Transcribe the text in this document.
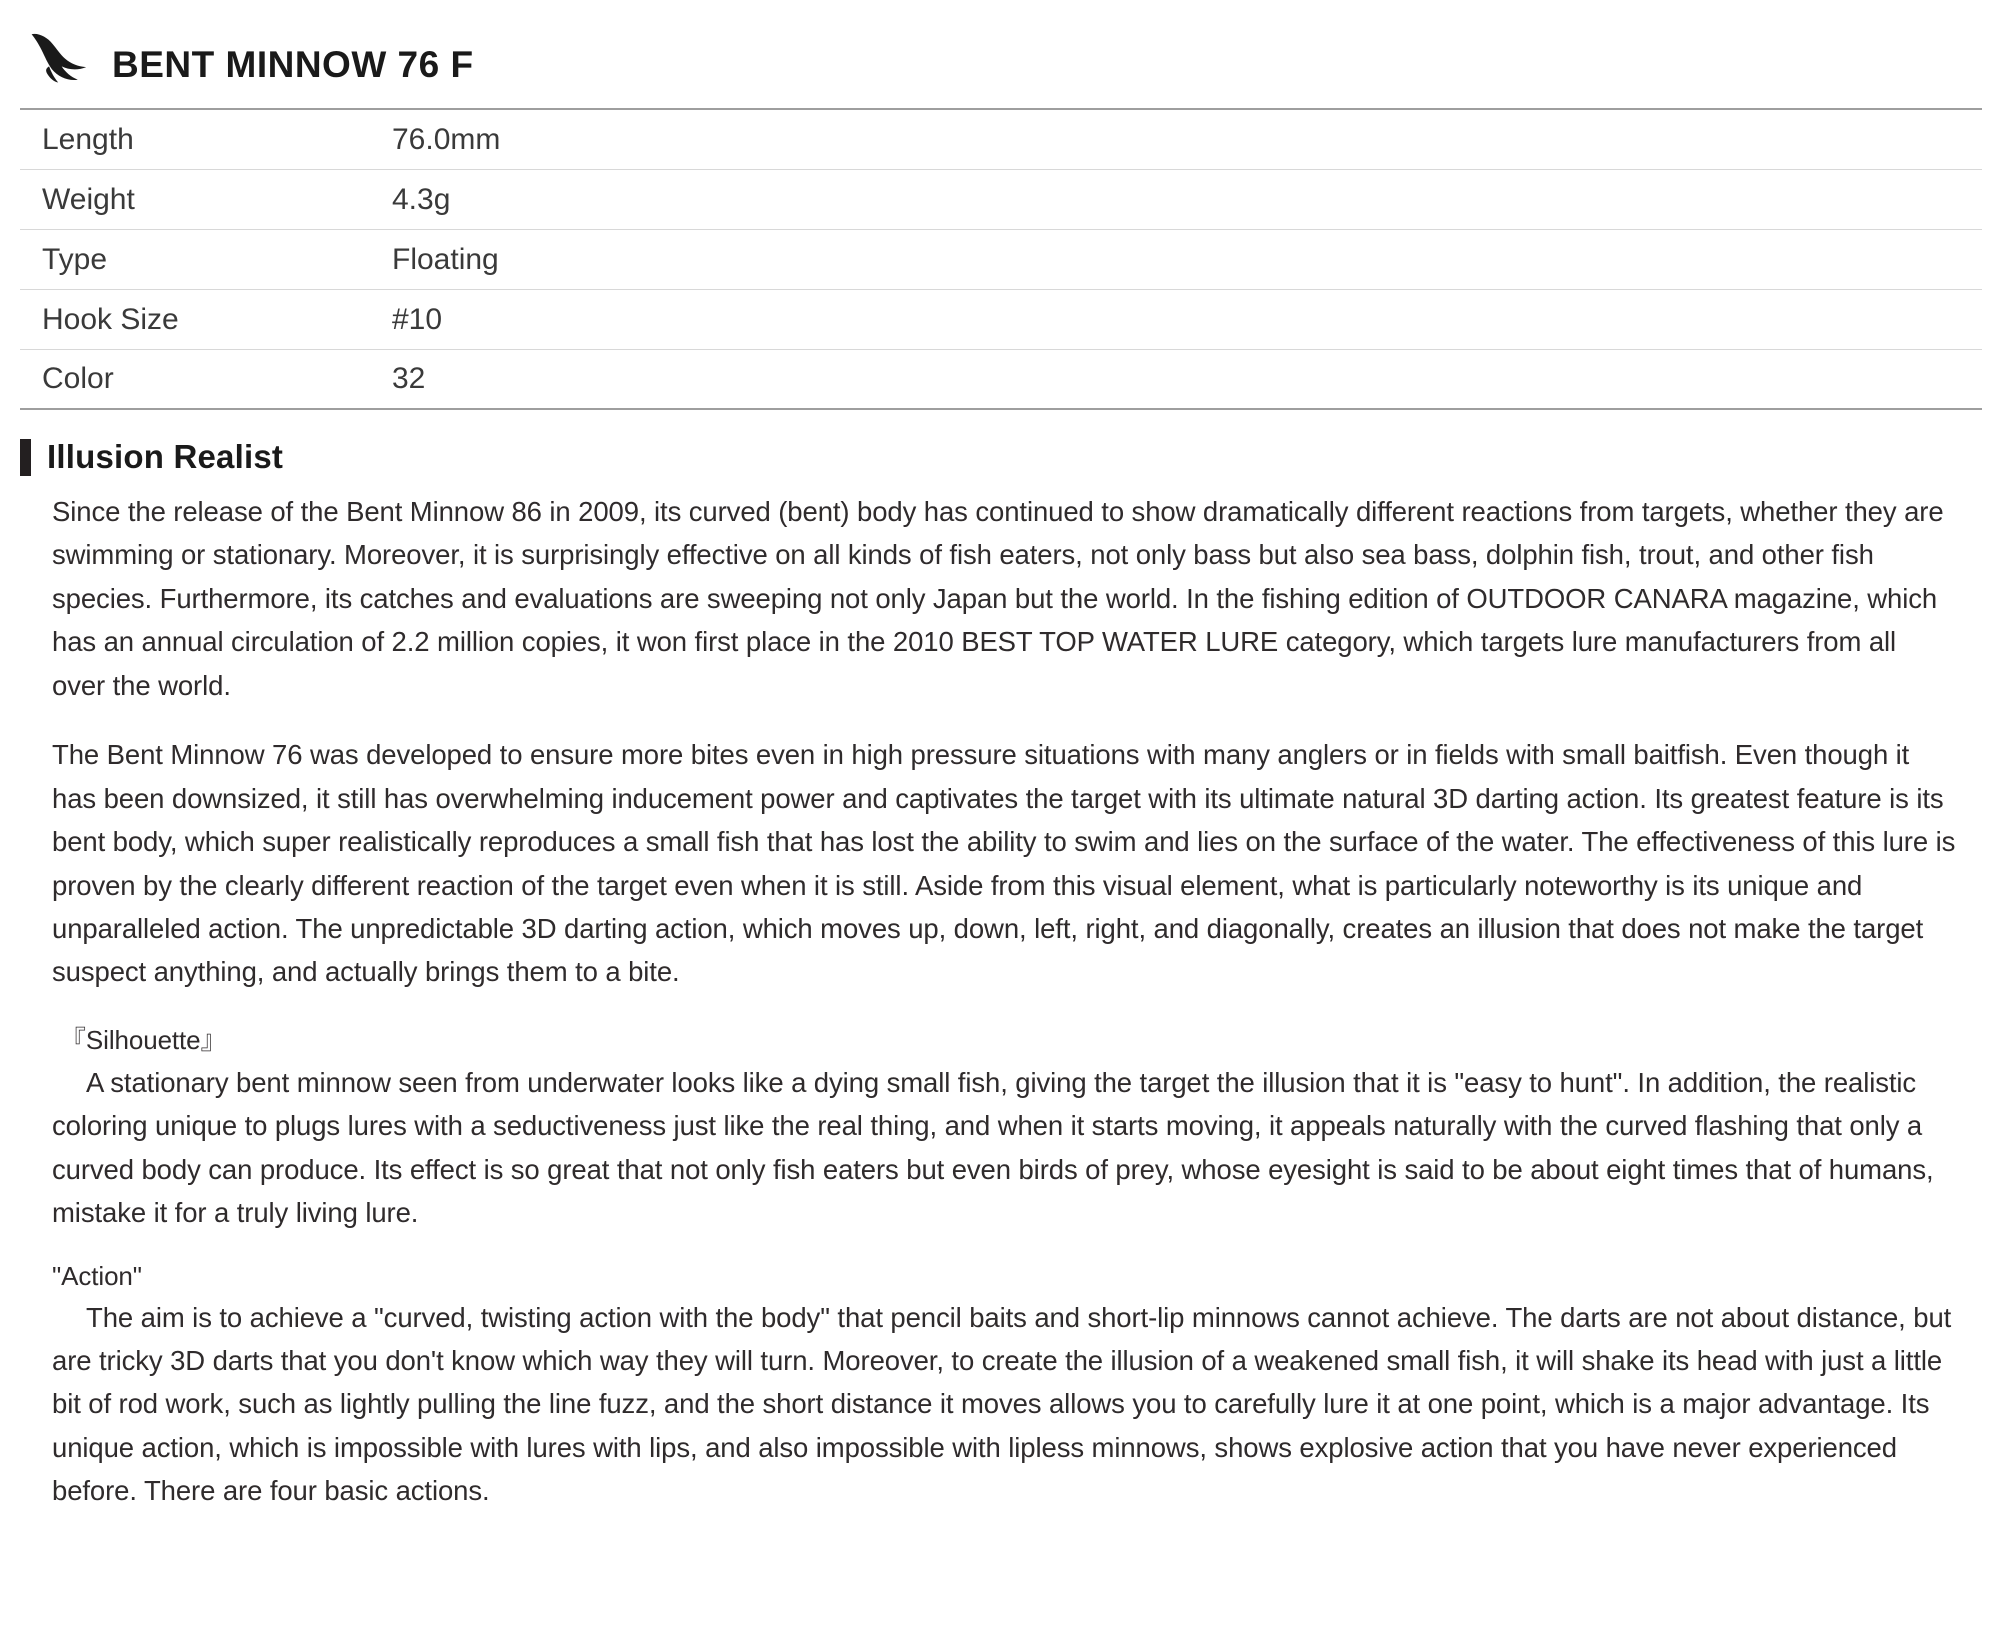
BENT MINNOW 76 F
Length	76.0mm
Weight	4.3g
Type	Floating
Hook Size	#10
Color	32
Illusion Realist

Since the release of the Bent Minnow 86 in 2009, its curved (bent) body has continued to show dramatically different reactions from targets, whether they are swimming or stationary. Moreover, it is surprisingly effective on all kinds of fish eaters, not only bass but also sea bass, dolphin fish, trout, and other fish species. Furthermore, its catches and evaluations are sweeping not only Japan but the world. In the fishing edition of OUTDOOR CANARA magazine, which has an annual circulation of 2.2 million copies, it won first place in the 2010 BEST TOP WATER LURE category, which targets lure manufacturers from all over the world.

The Bent Minnow 76 was developed to ensure more bites even in high pressure situations with many anglers or in fields with small baitfish. Even though it has been downsized, it still has overwhelming inducement power and captivates the target with its ultimate natural 3D darting action. Its greatest feature is its bent body, which super realistically reproduces a small fish that has lost the ability to swim and lies on the surface of the water. The effectiveness of this lure is proven by the clearly different reaction of the target even when it is still. Aside from this visual element, what is particularly noteworthy is its unique and unparalleled action. The unpredictable 3D darting action, which moves up, down, left, right, and diagonally, creates an illusion that does not make the target suspect anything, and actually brings them to a bite.

『Silhouette』

A stationary bent minnow seen from underwater looks like a dying small fish, giving the target the illusion that it is "easy to hunt". In addition, the realistic coloring unique to plugs lures with a seductiveness just like the real thing, and when it starts moving, it appeals naturally with the curved flashing that only a curved body can produce. Its effect is so great that not only fish eaters but even birds of prey, whose eyesight is said to be about eight times that of humans, mistake it for a truly living lure.

"Action"

The aim is to achieve a "curved, twisting action with the body" that pencil baits and short-lip minnows cannot achieve. The darts are not about distance, but are tricky 3D darts that you don't know which way they will turn. Moreover, to create the illusion of a weakened small fish, it will shake its head with just a little bit of rod work, such as lightly pulling the line fuzz, and the short distance it moves allows you to carefully lure it at one point, which is a major advantage. Its unique action, which is impossible with lures with lips, and also impossible with lipless minnows, shows explosive action that you have never experienced before. There are four basic actions.
